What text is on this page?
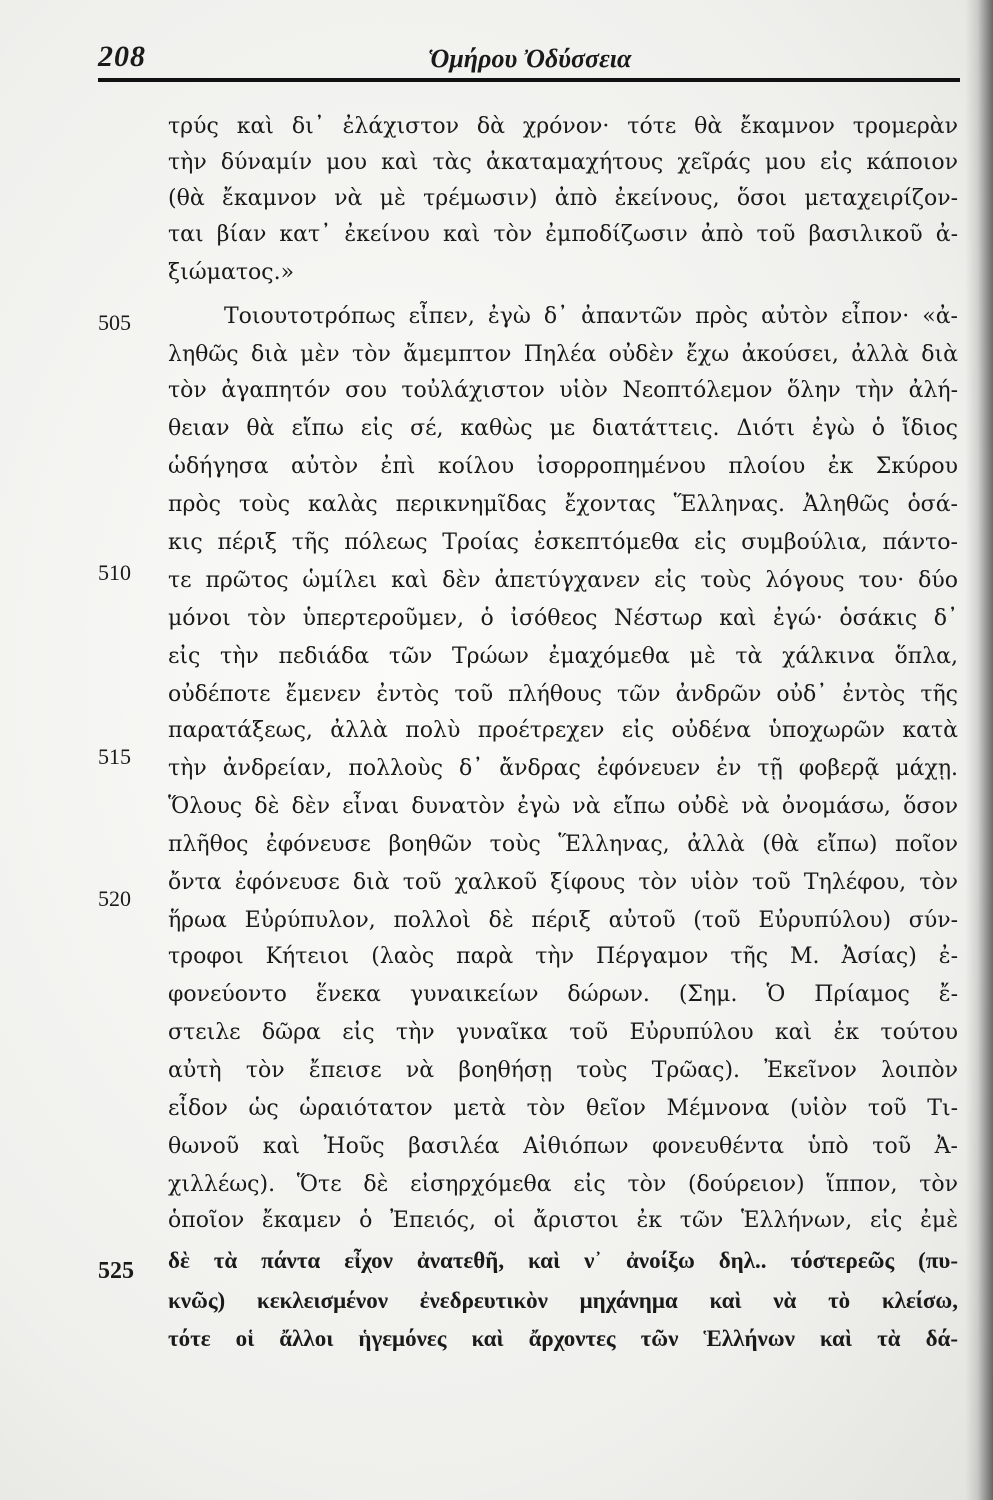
208	Ὁμήρου Ὀδύσσεια
τρύς καὶ δι᾽ ἐλάχιστον δὰ χρόνον· τότε θὰ ἔκαμνον τρομερὰν
τὴν δύναμίν μου καὶ τὰς ἀκαταμαχήτους χεῖράς μου εἰς κάποιον
(θὰ ἔκαμνον νὰ μὲ τρέμωσιν) ἀπὸ ἐκείνους, ὅσοι μεταχειρίζον-
ται βίαν κατ᾽ ἐκείνου καὶ τὸν ἐμποδίζωσιν ἀπὸ τοῦ βασιλικοῦ ἀ-
ξιώματος.»
Τοιουτοτρόπως εἶπεν, ἐγὼ δ᾽ ἀπαντῶν πρὸς αὐτὸν εἶπον· «ἀ-
ληθῶς διὰ μὲν τὸν ἄμεμπτον Πηλέα οὐδὲν ἔχω ἀκούσει, ἀλλὰ διὰ
τὸν ἀγαπητόν σου τοὐλάχιστον υἱὸν Νεοπτόλεμον ὅλην τὴν ἀλή-
θειαν θὰ εἴπω εἰς σέ, καθὼς με διατάττεις. Διότι ἐγὼ ὁ ἴδιος
ὡδήγησα αὐτὸν ἐπὶ κοίλου ἰσορροπημένου πλοίου ἐκ Σκύρου
πρὸς τοὺς καλὰς περικνημῖδας ἔχοντας Ἕλληνας. Ἀληθῶς ὁσά-
κις πέριξ τῆς πόλεως Τροίας ἐσκεπτόμεθα εἰς συμβούλια, πάντο-
τε πρῶτος ὡμίλει καὶ δὲν ἀπετύγχανεν εἰς τοὺς λόγους του· δύο
μόνοι τὸν ὑπερτεροῦμεν, ὁ ἰσόθεος Νέστωρ καὶ ἐγώ· ὁσάκις δ᾽
εἰς τὴν πεδιάδα τῶν Τρώων ἐμαχόμεθα μὲ τὰ χάλκινα ὅπλα,
οὐδέποτε ἔμενεν ἐντὸς τοῦ πλήθους τῶν ἀνδρῶν οὐδ᾽ ἐντὸς τῆς
παρατάξεως, ἀλλὰ πολὺ προέτρεχεν εἰς οὐδένα ὑποχωρῶν κατὰ
τὴν ἀνδρείαν, πολλοὺς δ᾽ ἄνδρας ἐφόνευεν ἐν τῇ φοβερᾷ μάχῃ.
Ὅλους δὲ δὲν εἶναι δυνατὸν ἐγὼ νὰ εἴπω οὐδὲ νὰ ὀνομάσω, ὅσον
πλῆθος ἐφόνευσε βοηθῶν τοὺς Ἕλληνας, ἀλλὰ (θὰ εἴπω) ποῖον
ὄντα ἐφόνευσε διὰ τοῦ χαλκοῦ ξίφους τὸν υἱὸν τοῦ Τηλέφου, τὸν
ἥρωα Εὐρύπυλον, πολλοὶ δὲ πέριξ αὐτοῦ (τοῦ Εὐρυπύλου) σύν-
τροφοι Κήτειοι (λαὸς παρὰ τὴν Πέργαμον τῆς Μ. Ἀσίας) ἐ-
φονεύοντο ἕνεκα γυναικείων δώρων. (Σημ. Ὁ Πρίαμος ἔ-
στειλε δῶρα εἰς τὴν γυναῖκα τοῦ Εὐρυπύλου καὶ ἐκ τούτου
αὐτὴ τὸν ἔπεισε νὰ βοηθήσῃ τοὺς Τρῶας). Ἐκεῖνον λοιπὸν
εἶδον ὡς ὡραιότατον μετὰ τὸν θεῖον Μέμνονα (υἱὸν τοῦ Τι-
θωνοῦ καὶ Ἠοῦς βασιλέα Αἰθιόπων φονευθέντα ὑπὸ τοῦ Ἀ-
χιλλέως). Ὅτε δὲ εἰσηρχόμεθα εἰς τὸν (δούρειον) ἵππον, τὸν
ὁποῖον ἔκαμεν ὁ Ἐπειός, οἱ ἄριστοι ἐκ τῶν Ἑλλήνων, εἰς ἐμὲ
δὲ τὰ πάντα εἶχον ἀνατεθῆ, καὶ ν᾽ ἀνοίξω δηλ.. τόστερεῶς (πυ-
κνῶς) κεκλεισμένον ἐνεδρευτικὸν μηχάνημα καὶ νὰ τὸ κλείσω,
τότε οἱ ἄλλοι ἡγεμόνες καὶ ἄρχοντες τῶν Ἑλλήνων καὶ τὰ δά-
505
510
515
520
525
